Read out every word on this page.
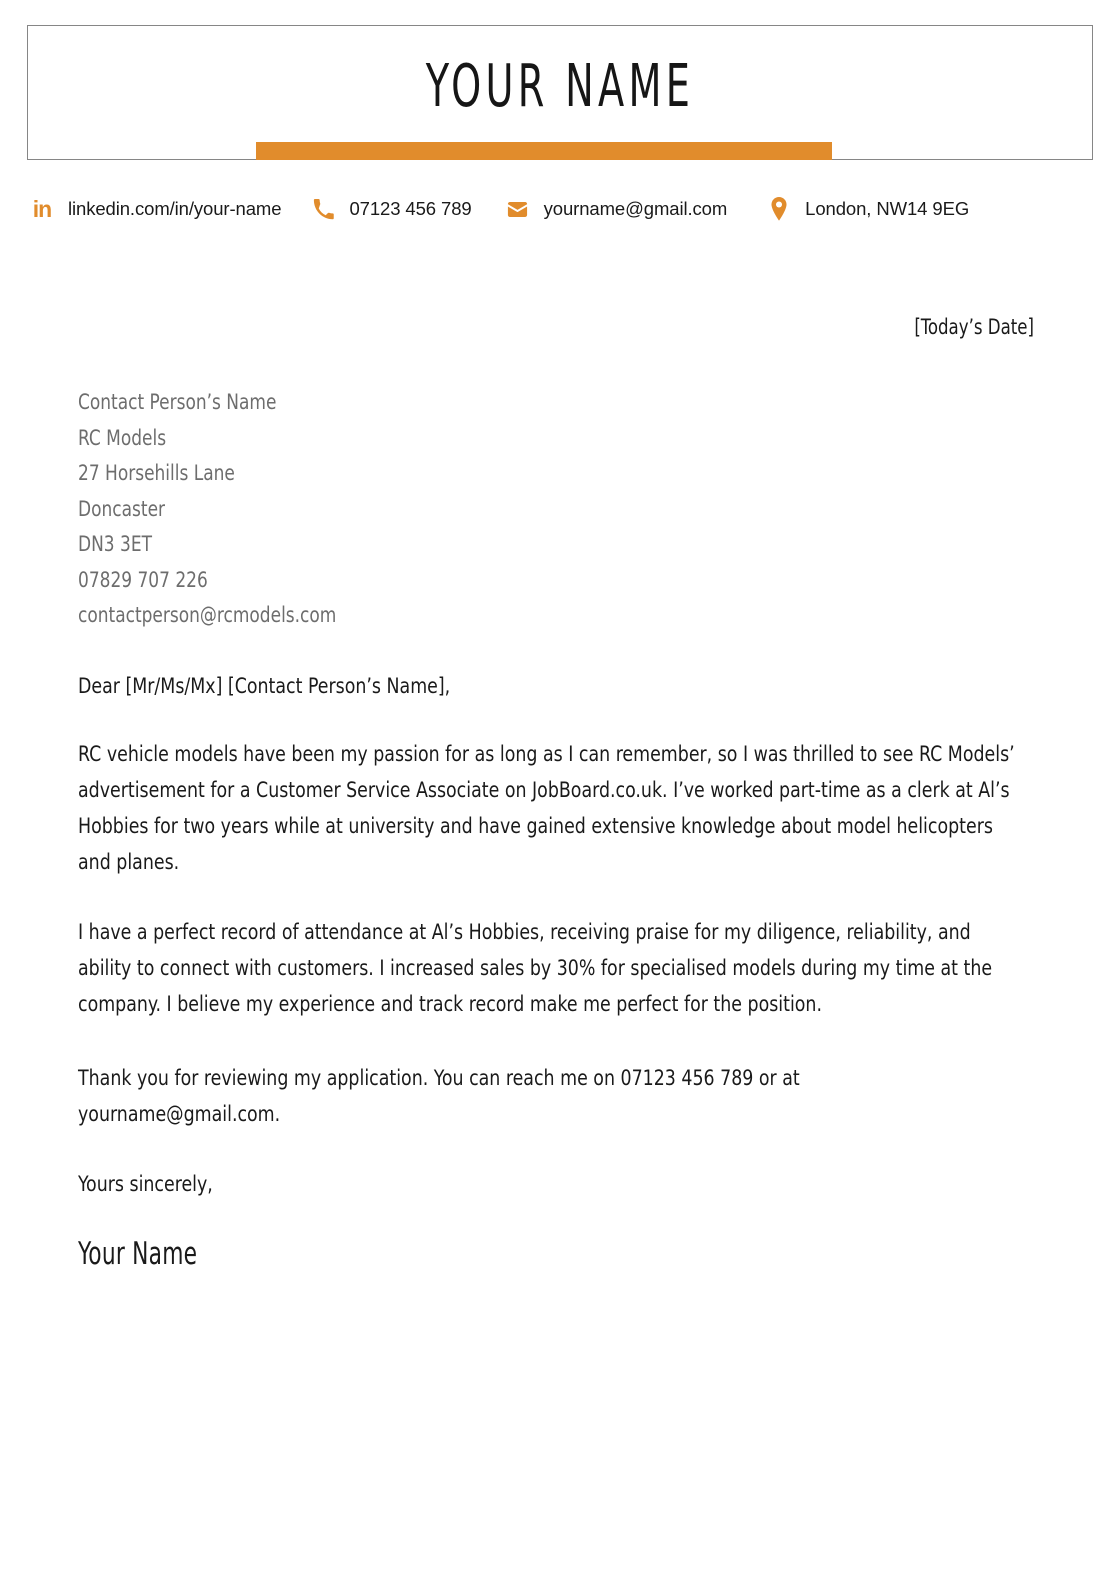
YOUR NAME
in linkedin.com/in/your-name	07123 456 789	yourname@gmail.com	London, NW14 9EG
[Today’s Date]
Contact Person’s Name
RC Models
27 Horsehills Lane
Doncaster
DN3 3ET
07829 707 226
contactperson@rcmodels.com
Dear [Mr/Ms/Mx] [Contact Person’s Name],
RC vehicle models have been my passion for as long as I can remember, so I was thrilled to see RC Models’ advertisement for a Customer Service Associate on JobBoard.co.uk. I’ve worked part-time as a clerk at Al’s Hobbies for two years while at university and have gained extensive knowledge about model helicopters and planes.
I have a perfect record of attendance at Al’s Hobbies, receiving praise for my diligence, reliability, and ability to connect with customers. I increased sales by 30% for specialised models during my time at the company. I believe my experience and track record make me perfect for the position.
Thank you for reviewing my application. You can reach me on 07123 456 789 or at yourname@gmail.com.
Yours sincerely,
Your Name
